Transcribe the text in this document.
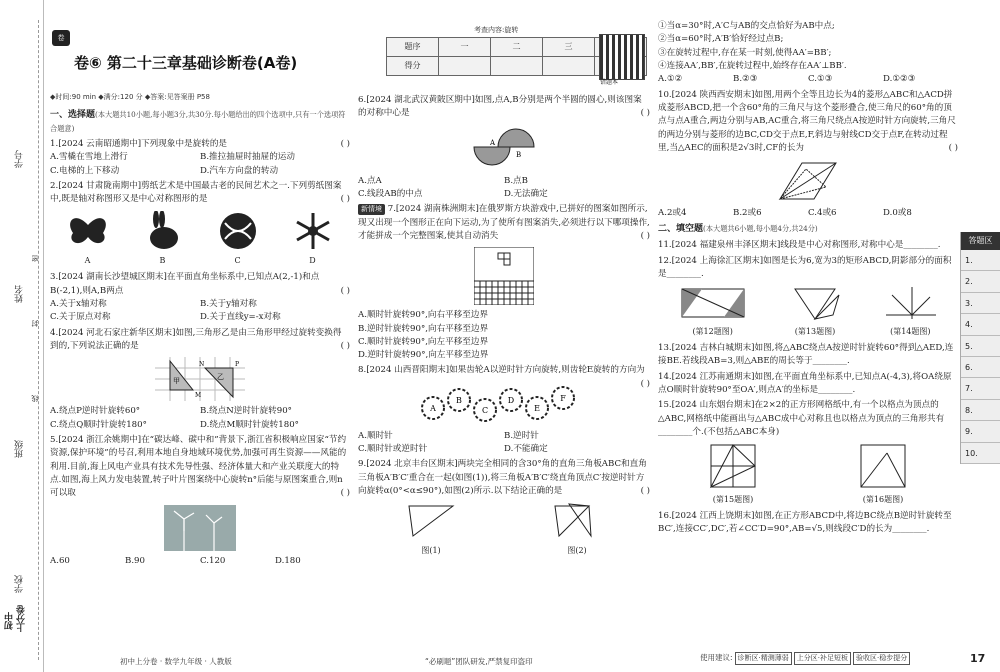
学号
姓名
班级
学校
密
封
线
初中 上分卷
卷
考查内容:旋转
卷⑥ 第二十三章基础诊断卷(A卷)
题序	一	二	三	
得分				
错题本
◆时间:90 min ◆满分:120 分 ◆答案:见答案册 P58
一、选择题(本大题共10小题,每小题3分,共30分.每小题给出的四个选项中,只有一个选项符合题意)
1.[2024 云南昭通期中]下列现象中是旋转的是	( )
A.雪橇在雪地上滑行	B.推拉抽屉时抽屉的运动
C.电梯的上下移动	D.汽车方向盘的转动
2.[2024 甘肃陇南期中]剪纸艺术是中国最古老的民间艺术之一.下列剪纸图案中,既是轴对称图形又是中心对称图形的是	( )
A	B	C	D
3.[2024 湖南长沙望城区期末]在平面直角坐标系中,已知点A(2,-1)和点B(-2,1),则A,B两点	( )
A.关于x轴对称	B.关于y轴对称
C.关于原点对称	D.关于直线y=-x对称
4.[2024 河北石家庄新华区期末]如图,三角形乙是由三角形甲经过旋转变换得到的,下列说法正确的是	( )
甲	乙
M
N	P
A.绕点P逆时针旋转60°	B.绕点N逆时针旋转90°
C.绕点Q顺时针旋转180°	D.绕点M顺时针旋转180°
5.[2024 浙江余姚期中]在“碳达峰、碳中和”背景下,浙江省积极响应国家“节约资源,保护环境”的号召,利用本地自身地域环境优势,加强可再生资源——风能的利用.目前,海上风电产业具有技术先导性强、经济体量大和产业关联度大的特点.如图,海上风力发电装置,转子叶片图案绕中心旋转n°后能与原图案重合,则n可以取	( )
A.60	B.90	C.120	D.180
6.[2024 湖北武汉黄陂区期中]如图,点A,B分别是两个半圆的圆心,则该图案的对称中心是	( )
A
B
A.点A	B.点B
C.线段AB的中点	D.无法确定
新情境 7.[2024 湖南株洲期末]在俄罗斯方块游戏中,已拼好的图案如图所示,现又出现一个图形正在向下运动,为了使所有图案消失,必须进行以下哪项操作,才能拼成一个完整图案,使其自动消失	( )
A.顺时针旋转90°,向右平移至边界
B.逆时针旋转90°,向右平移至边界
C.顺时针旋转90°,向左平移至边界
D.逆时针旋转90°,向左平移至边界
8.[2024 山西晋阳期末]如果齿轮A以逆时针方向旋转,则齿轮E旋转的方向为
( )
A
B
C
D
E
F
A.顺时针	B.逆时针
C.顺时针或逆时针	D.不能确定
9.[2024 北京丰台区期末]两块完全相同的含30°角的直角三角板ABC和直角三角板A′B′C′重合在一起(如图(1)),将三角板A′B′C′绕直角顶点C′按逆时针方向旋转α(0°<α≤90°),如图(2)所示.以下结论正确的是	( )
图(1)	图(2)
①当α=30°时,A′C与AB的交点恰好为AB中点;
②当α=60°时,A′B′恰好经过点B;
③在旋转过程中,存在某一时刻,使得AA′=BB′;
④连接AA′,BB′,在旋转过程中,始终存在AA′⊥BB′.
A.①②	B.②③	C.①③	D.①②③
10.[2024 陕西西安期末]如图,用两个全等且边长为4的菱形△ABC和△ACD拼成菱形ABCD,把一个含60°角的三角尺与这个菱形叠合,使三角尺的60°角的顶点与点A重合,两边分别与AB,AC重合,将三角尺绕点A按逆时针方向旋转,三角尺的两边分别与菱形的边BC,CD交于点E,F,斜边与射线CD交于点F,在转动过程里,当△AEC的面积是2√3时,CF的长为	( )
A.2或4	B.2或6	C.4或6	D.0或8
二、填空题(本大题共6小题,每小题4分,共24分)
11.[2024 福建泉州丰泽区期末]线段是中心对称图形,对称中心是________.
12.[2024 上海徐汇区期末]如图是长为6,宽为3的矩形ABCD,阴影部分的面积是________.
(第12题图)	(第13题图)	(第14题图)
13.[2024 吉林白城期末]如图,将△ABC绕点A按逆时针旋转60°得到△AED,连接BE.若线段AB=3,则△ABE的周长等于________.
14.[2024 江苏南通期末]如图,在平面直角坐标系中,已知点A(-4,3),将OA绕原点O顺时针旋转90°至OA′,则点A′的坐标是________.
15.[2024 山东烟台期末]在2×2的正方形网格纸中,有一个以格点为顶点的△ABC,网格纸中能画出与△ABC成中心对称且也以格点为顶点的三角形共有________个.(不包括△ABC本身)
(第15题图)	(第16题图)
16.[2024 江西上饶期末]如图,在正方形ABCD中,将边BC绕点B逆时针旋转至BC′,连接CC′,DC′,若∠CC′D=90°,AB=√5,则线段C′D的长为________.
答题区
1.
2.
3.
4.
5.
6.
7.
8.
9.
10.
初中上分卷 · 数学九年级 · 人教版	“必刷题”团队研发,严禁复印盗印	使用建议: 诊断区·精测薄弱 上分区·补足短板 验收区·稳步提分	17
